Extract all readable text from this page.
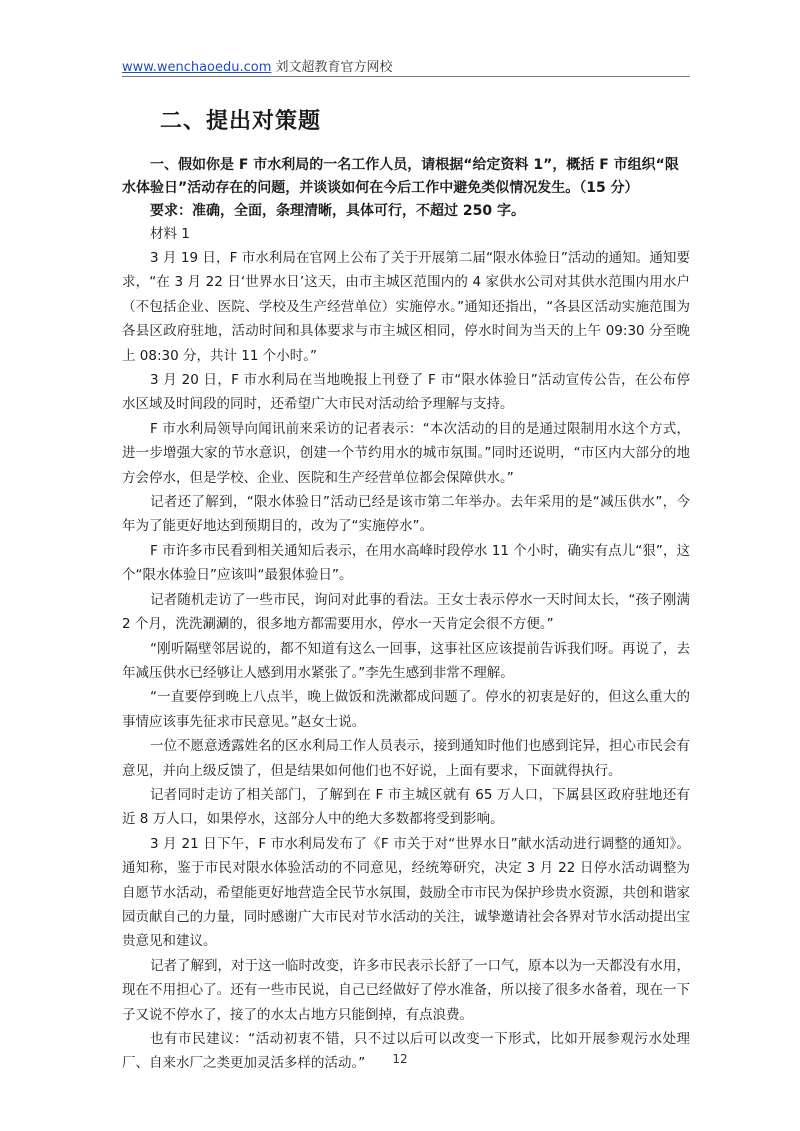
www.wenchaoedu.com 刘文超教育官方网校
二、提出对策题

一、假如你是 F 市水利局的一名工作人员，请根据“给定资料 1”，概括 F 市组织“限水体验日”活动存在的问题，并谈谈如何在今后工作中避免类似情况发生。（15 分）

要求：准确，全面，条理清晰，具体可行，不超过 250 字。

材料 1

3 月 19 日，F 市水利局在官网上公布了关于开展第二届“限水体验日”活动的通知。通知要求，“在 3 月 22 日‘世界水日’这天，由市主城区范围内的 4 家供水公司对其供水范围内用水户（不包括企业、医院、学校及生产经营单位）实施停水。”通知还指出，“各县区活动实施范围为各县区政府驻地，活动时间和具体要求与市主城区相同，停水时间为当天的上午 09:30 分至晚上 08:30 分，共计 11 个小时。”

3 月 20 日，F 市水利局在当地晚报上刊登了 F 市“限水体验日”活动宣传公告，在公布停水区域及时间段的同时，还希望广大市民对活动给予理解与支持。

F 市水利局领导向闻讯前来采访的记者表示：“本次活动的目的是通过限制用水这个方式，进一步增强大家的节水意识，创建一个节约用水的城市氛围。”同时还说明，“市区内大部分的地方会停水，但是学校、企业、医院和生产经营单位都会保障供水。”

记者还了解到，“限水体验日”活动已经是该市第二年举办。去年采用的是“减压供水”，今年为了能更好地达到预期目的，改为了“实施停水”。

F 市许多市民看到相关通知后表示，在用水高峰时段停水 11 个小时，确实有点儿“狠”，这个“限水体验日”应该叫“最狠体验日”。

记者随机走访了一些市民，询问对此事的看法。王女士表示停水一天时间太长，“孩子刚满 2 个月，洗洗涮涮的，很多地方都需要用水，停水一天肯定会很不方便。”

“刚听隔壁邻居说的，都不知道有这么一回事，这事社区应该提前告诉我们呀。再说了，去年减压供水已经够让人感到用水紧张了。”李先生感到非常不理解。

“一直要停到晚上八点半，晚上做饭和洗漱都成问题了。停水的初衷是好的，但这么重大的事情应该事先征求市民意见。”赵女士说。

一位不愿意透露姓名的区水利局工作人员表示，接到通知时他们也感到诧异，担心市民会有意见，并向上级反馈了，但是结果如何他们也不好说，上面有要求，下面就得执行。

记者同时走访了相关部门，了解到在 F 市主城区就有 65 万人口，下属县区政府驻地还有近 8 万人口，如果停水，这部分人中的绝大多数都将受到影响。

3 月 21 日下午，F 市水利局发布了《F 市关于对“世界水日”献水活动进行调整的通知》。通知称，鉴于市民对限水体验活动的不同意见，经统筹研究，决定 3 月 22 日停水活动调整为自愿节水活动，希望能更好地营造全民节水氛围，鼓励全市市民为保护珍贵水资源，共创和谐家园贡献自己的力量，同时感谢广大市民对节水活动的关注，诚挚邀请社会各界对节水活动提出宝贵意见和建议。

记者了解到，对于这一临时改变，许多市民表示长舒了一口气，原本以为一天都没有水用，现在不用担心了。还有一些市民说，自己已经做好了停水准备，所以接了很多水备着，现在一下子又说不停水了，接了的水太占地方只能倒掉，有点浪费。

也有市民建议：“活动初衷不错，只不过以后可以改变一下形式，比如开展参观污水处理厂、自来水厂之类更加灵活多样的活动。”	12
